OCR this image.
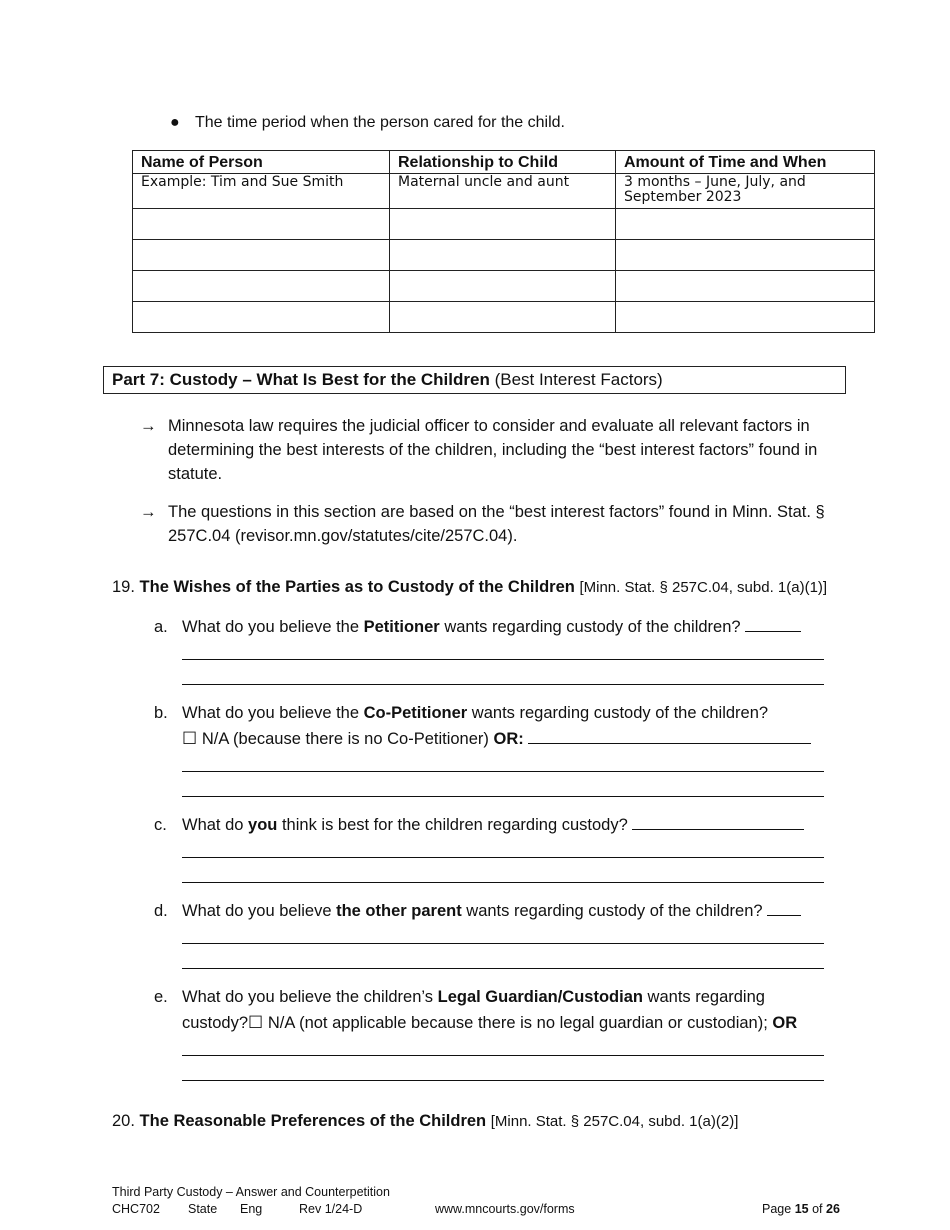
● The time period when the person cared for the child.
Name of Person	Relationship to Child	Amount of Time and When
Example: Tim and Sue Smith	Maternal uncle and aunt	3 months – June, July, and September 2023

Part 7: Custody – What Is Best for the Children (Best Interest Factors)
→ Minnesota law requires the judicial officer to consider and evaluate all relevant factors in determining the best interests of the children, including the “best interest factors” found in statute.
→ The questions in this section are based on the “best interest factors” found in Minn. Stat. § 257C.04 (revisor.mn.gov/statutes/cite/257C.04).
19. The Wishes of the Parties as to Custody of the Children [Minn. Stat. § 257C.04, subd. 1(a)(1)]
a. What do you believe the Petitioner wants regarding custody of the children?
b. What do you believe the Co-Petitioner wants regarding custody of the children?
☐ N/A (because there is no Co-Petitioner) OR:
c. What do you think is best for the children regarding custody?
d. What do you believe the other parent wants regarding custody of the children?
e. What do you believe the children’s Legal Guardian/Custodian wants regarding
custody?☐ N/A (not applicable because there is no legal guardian or custodian); OR
20. The Reasonable Preferences of the Children [Minn. Stat. § 257C.04, subd. 1(a)(2)]
Third Party Custody – Answer and Counterpetition
CHC702 State Eng	Rev 1/24-D	www.mncourts.gov/forms	Page 15 of 26
